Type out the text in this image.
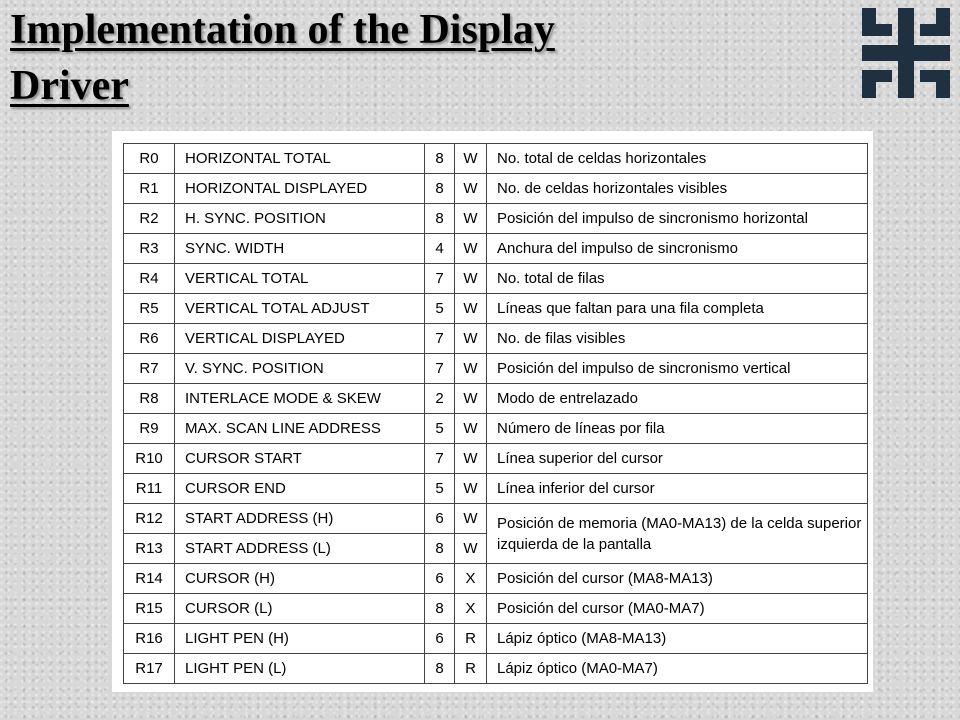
Implementation of the Display
Driver
R0	HORIZONTAL TOTAL	8	W	No. total de celdas horizontales
R1	HORIZONTAL DISPLAYED	8	W	No. de celdas horizontales visibles
R2	H. SYNC. POSITION	8	W	Posición del impulso de sincronismo horizontal
R3	SYNC. WIDTH	4	W	Anchura del impulso de sincronismo
R4	VERTICAL TOTAL	7	W	No. total de filas
R5	VERTICAL TOTAL ADJUST	5	W	Líneas que faltan para una fila completa
R6	VERTICAL DISPLAYED	7	W	No. de filas visibles
R7	V. SYNC. POSITION	7	W	Posición del impulso de sincronismo vertical
R8	INTERLACE MODE & SKEW	2	W	Modo de entrelazado
R9	MAX. SCAN LINE ADDRESS	5	W	Número de líneas por fila
R10	CURSOR START	7	W	Línea superior del cursor
R11	CURSOR END	5	W	Línea inferior del cursor
R12	START ADDRESS (H)	6	W	Posición de memoria (MA0-MA13) de la celda superior izquierda de la pantalla
R13	START ADDRESS (L)	8	W	
R14	CURSOR (H)	6	X	Posición del cursor (MA8-MA13)
R15	CURSOR (L)	8	X	Posición del cursor (MA0-MA7)
R16	LIGHT PEN (H)	6	R	Lápiz óptico (MA8-MA13)
R17	LIGHT PEN (L)	8	R	Lápiz óptico (MA0-MA7)
